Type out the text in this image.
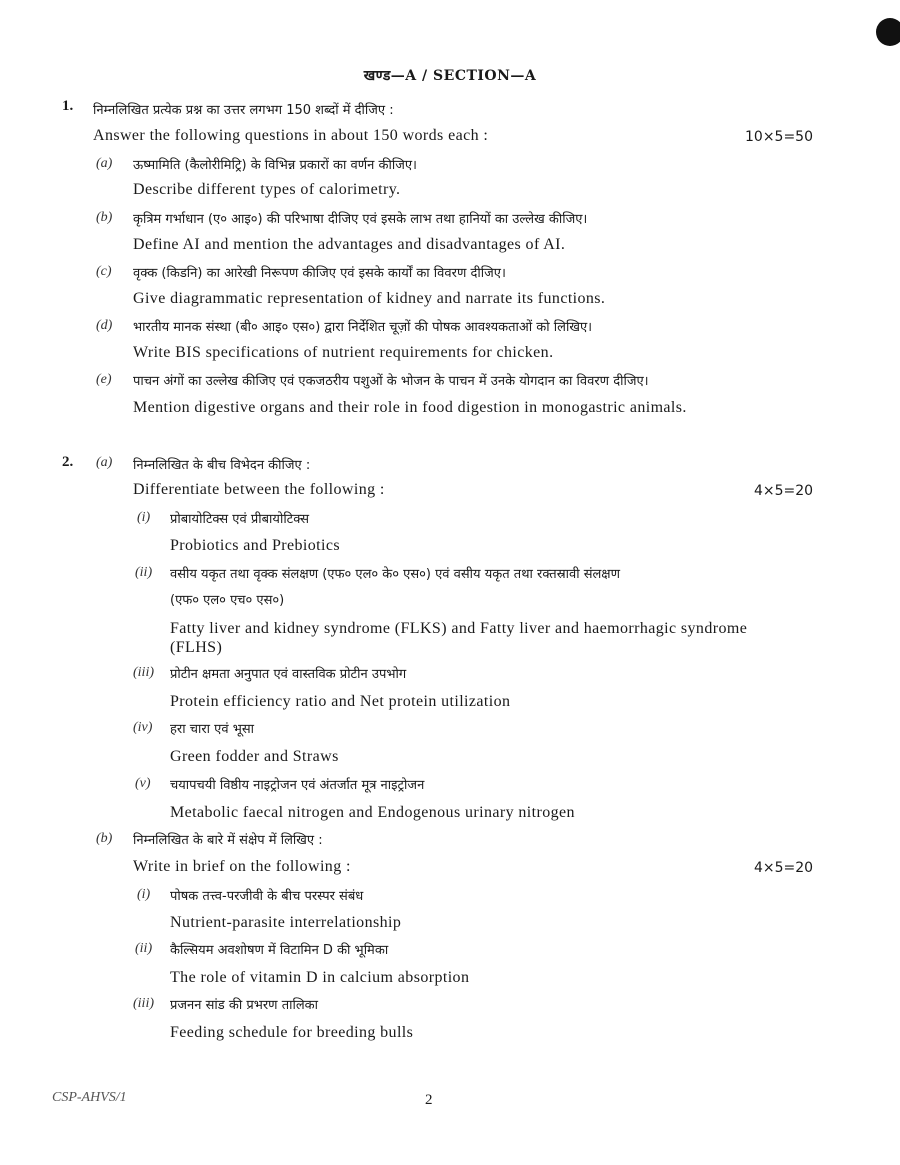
खण्ड—A / SECTION—A
1. निम्नलिखित प्रत्येक प्रश्न का उत्तर लगभग 150 शब्दों में दीजिए :
Answer the following questions in about 150 words each :	10×5=50
(a) ऊष्मामिति (कैलोरीमिट्रि) के विभिन्न प्रकारों का वर्णन कीजिए।
Describe different types of calorimetry.
(b) कृत्रिम गर्भाधान (ए० आइ०) की परिभाषा दीजिए एवं इसके लाभ तथा हानियों का उल्लेख कीजिए।
Define AI and mention the advantages and disadvantages of AI.
(c) वृक्क (किडनि) का आरेखी निरूपण कीजिए एवं इसके कार्यों का विवरण दीजिए।
Give diagrammatic representation of kidney and narrate its functions.
(d) भारतीय मानक संस्था (बी० आइ० एस०) द्वारा निर्देशित चूज़ों की पोषक आवश्यकताओं को लिखिए।
Write BIS specifications of nutrient requirements for chicken.
(e) पाचन अंगों का उल्लेख कीजिए एवं एकजठरीय पशुओं के भोजन के पाचन में उनके योगदान का विवरण दीजिए।
Mention digestive organs and their role in food digestion in monogastric animals.
2. (a) निम्नलिखित के बीच विभेदन कीजिए :
Differentiate between the following :	4×5=20
(i) प्रोबायोटिक्स एवं प्रीबायोटिक्स
Probiotics and Prebiotics
(ii) वसीय यकृत तथा वृक्क संलक्षण (एफ० एल० के० एस०) एवं वसीय यकृत तथा रक्तस्रावी संलक्षण
(एफ० एल० एच० एस०)
Fatty liver and kidney syndrome (FLKS) and Fatty liver and haemorrhagic syndrome (FLHS)
(iii) प्रोटीन क्षमता अनुपात एवं वास्तविक प्रोटीन उपभोग
Protein efficiency ratio and Net protein utilization
(iv) हरा चारा एवं भूसा
Green fodder and Straws
(v) चयापचयी विष्ठीय नाइट्रोजन एवं अंतर्जात मूत्र नाइट्रोजन
Metabolic faecal nitrogen and Endogenous urinary nitrogen
(b) निम्नलिखित के बारे में संक्षेप में लिखिए :
Write in brief on the following :	4×5=20
(i) पोषक तत्त्व-परजीवी के बीच परस्पर संबंध
Nutrient-parasite interrelationship
(ii) कैल्सियम अवशोषण में विटामिन D की भूमिका
The role of vitamin D in calcium absorption
(iii) प्रजनन सांड की प्रभरण तालिका
Feeding schedule for breeding bulls
CSP-AHVS/1	2
